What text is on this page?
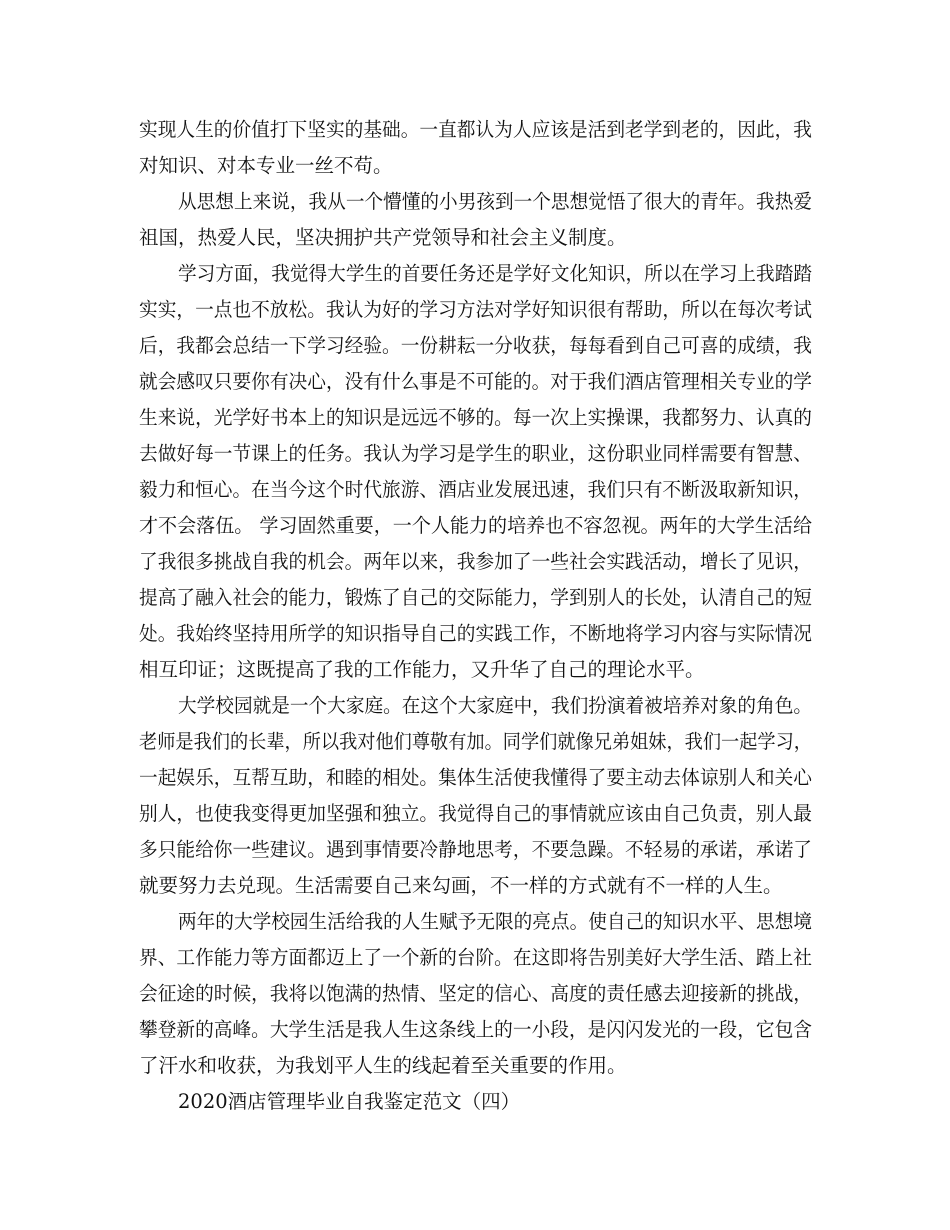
实现人生的价值打下坚实的基础。一直都认为人应该是活到老学到老的，因此，我
对知识、对本专业一丝不苟。
从思想上来说，我从一个懵懂的小男孩到一个思想觉悟了很大的青年。我热爱
祖国，热爱人民，坚决拥护共产党领导和社会主义制度。
学习方面，我觉得大学生的首要任务还是学好文化知识，所以在学习上我踏踏
实实，一点也不放松。我认为好的学习方法对学好知识很有帮助，所以在每次考试
后，我都会总结一下学习经验。一份耕耘一分收获，每每看到自己可喜的成绩，我
就会感叹只要你有决心，没有什么事是不可能的。对于我们酒店管理相关专业的学
生来说，光学好书本上的知识是远远不够的。每一次上实操课，我都努力、认真的
去做好每一节课上的任务。我认为学习是学生的职业，这份职业同样需要有智慧、
毅力和恒心。在当今这个时代旅游、酒店业发展迅速，我们只有不断汲取新知识，
才不会落伍。 学习固然重要，一个人能力的培养也不容忽视。两年的大学生活给
了我很多挑战自我的机会。两年以来，我参加了一些社会实践活动，增长了见识，
提高了融入社会的能力，锻炼了自己的交际能力，学到别人的长处，认清自己的短
处。我始终坚持用所学的知识指导自己的实践工作，不断地将学习内容与实际情况
相互印证；这既提高了我的工作能力，又升华了自己的理论水平。
大学校园就是一个大家庭。在这个大家庭中，我们扮演着被培养对象的角色。
老师是我们的长辈，所以我对他们尊敬有加。同学们就像兄弟姐妹，我们一起学习，
一起娱乐，互帮互助，和睦的相处。集体生活使我懂得了要主动去体谅别人和关心
别人，也使我变得更加坚强和独立。我觉得自己的事情就应该由自己负责，别人最
多只能给你一些建议。遇到事情要冷静地思考，不要急躁。不轻易的承诺，承诺了
就要努力去兑现。生活需要自己来勾画，不一样的方式就有不一样的人生。
两年的大学校园生活给我的人生赋予无限的亮点。使自己的知识水平、思想境
界、工作能力等方面都迈上了一个新的台阶。在这即将告别美好大学生活、踏上社
会征途的时候，我将以饱满的热情、坚定的信心、高度的责任感去迎接新的挑战，
攀登新的高峰。大学生活是我人生这条线上的一小段，是闪闪发光的一段，它包含
了汗水和收获，为我划平人生的线起着至关重要的作用。
2020酒店管理毕业自我鉴定范文（四）
